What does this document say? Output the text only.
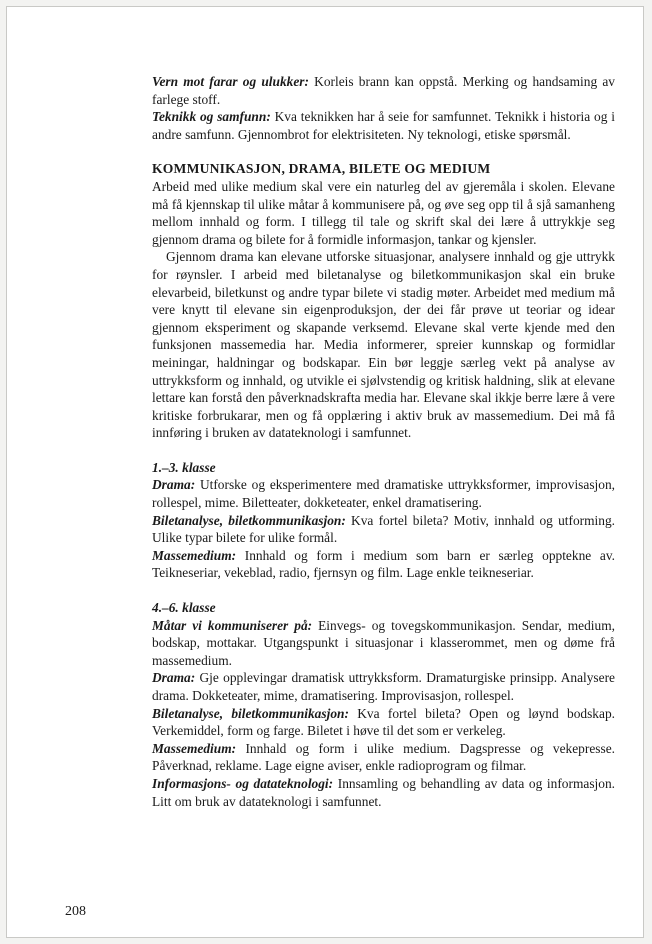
Vern mot farar og ulukker: Korleis brann kan oppstå. Merking og handsaming av farlege stoff.

Teknikk og samfunn: Kva teknikken har å seie for samfunnet. Teknikk i historia og i andre samfunn. Gjennombrot for elektrisiteten. Ny teknologi, etiske spørsmål.

KOMMUNIKASJON, DRAMA, BILETE OG MEDIUM

Arbeid med ulike medium skal vere ein naturleg del av gjeremåla i skolen. Elevane må få kjennskap til ulike måtar å kommunisere på, og øve seg opp til å sjå samanheng mellom innhald og form. I tillegg til tale og skrift skal dei lære å uttrykkje seg gjennom drama og bilete for å formidle informasjon, tankar og kjensler.

Gjennom drama kan elevane utforske situasjonar, analysere innhald og gje uttrykk for røynsler. I arbeid med biletanalyse og biletkommunikasjon skal ein bruke elevarbeid, biletkunst og andre typar bilete vi stadig møter. Arbeidet med medium må vere knytt til elevane sin eigenproduksjon, der dei får prøve ut teoriar og idear gjennom eksperiment og skapande verksemd. Elevane skal verte kjende med den funksjonen massemedia har. Media informerer, spreier kunnskap og formidlar meiningar, haldningar og bodskapar. Ein bør leggje særleg vekt på analyse av uttrykksform og innhald, og utvikle ei sjølvstendig og kritisk haldning, slik at elevane lettare kan forstå den påverknadskrafta media har. Elevane skal ikkje berre lære å vere kritiske forbrukarar, men og få opplæring i aktiv bruk av massemedium. Dei må få innføring i bruken av datateknologi i samfunnet.

1.–3. klasse

Drama: Utforske og eksperimentere med dramatiske uttrykksformer, improvisasjon, rollespel, mime. Biletteater, dokketeater, enkel dramatisering.

Biletanalyse, biletkommunikasjon: Kva fortel bileta? Motiv, innhald og utforming. Ulike typar bilete for ulike formål.

Massemedium: Innhald og form i medium som barn er særleg opptekne av. Teikneseriar, vekeblad, radio, fjernsyn og film. Lage enkle teikneseriar.

4.–6. klasse

Måtar vi kommuniserer på: Einvegs- og tovegskommunikasjon. Sendar, medium, bodskap, mottakar. Utgangspunkt i situasjonar i klasserommet, men og døme frå massemedium.

Drama: Gje opplevingar dramatisk uttrykksform. Dramaturgiske prinsipp. Analysere drama. Dokketeater, mime, dramatisering. Improvisasjon, rollespel.

Biletanalyse, biletkommunikasjon: Kva fortel bileta? Open og løynd bodskap. Verkemiddel, form og farge. Biletet i høve til det som er verkeleg.

Massemedium: Innhald og form i ulike medium. Dagspresse og vekepresse. Påverknad, reklame. Lage eigne aviser, enkle radioprogram og filmar.

Informasjons- og datateknologi: Innsamling og behandling av data og informasjon. Litt om bruk av datateknologi i samfunnet.

208
